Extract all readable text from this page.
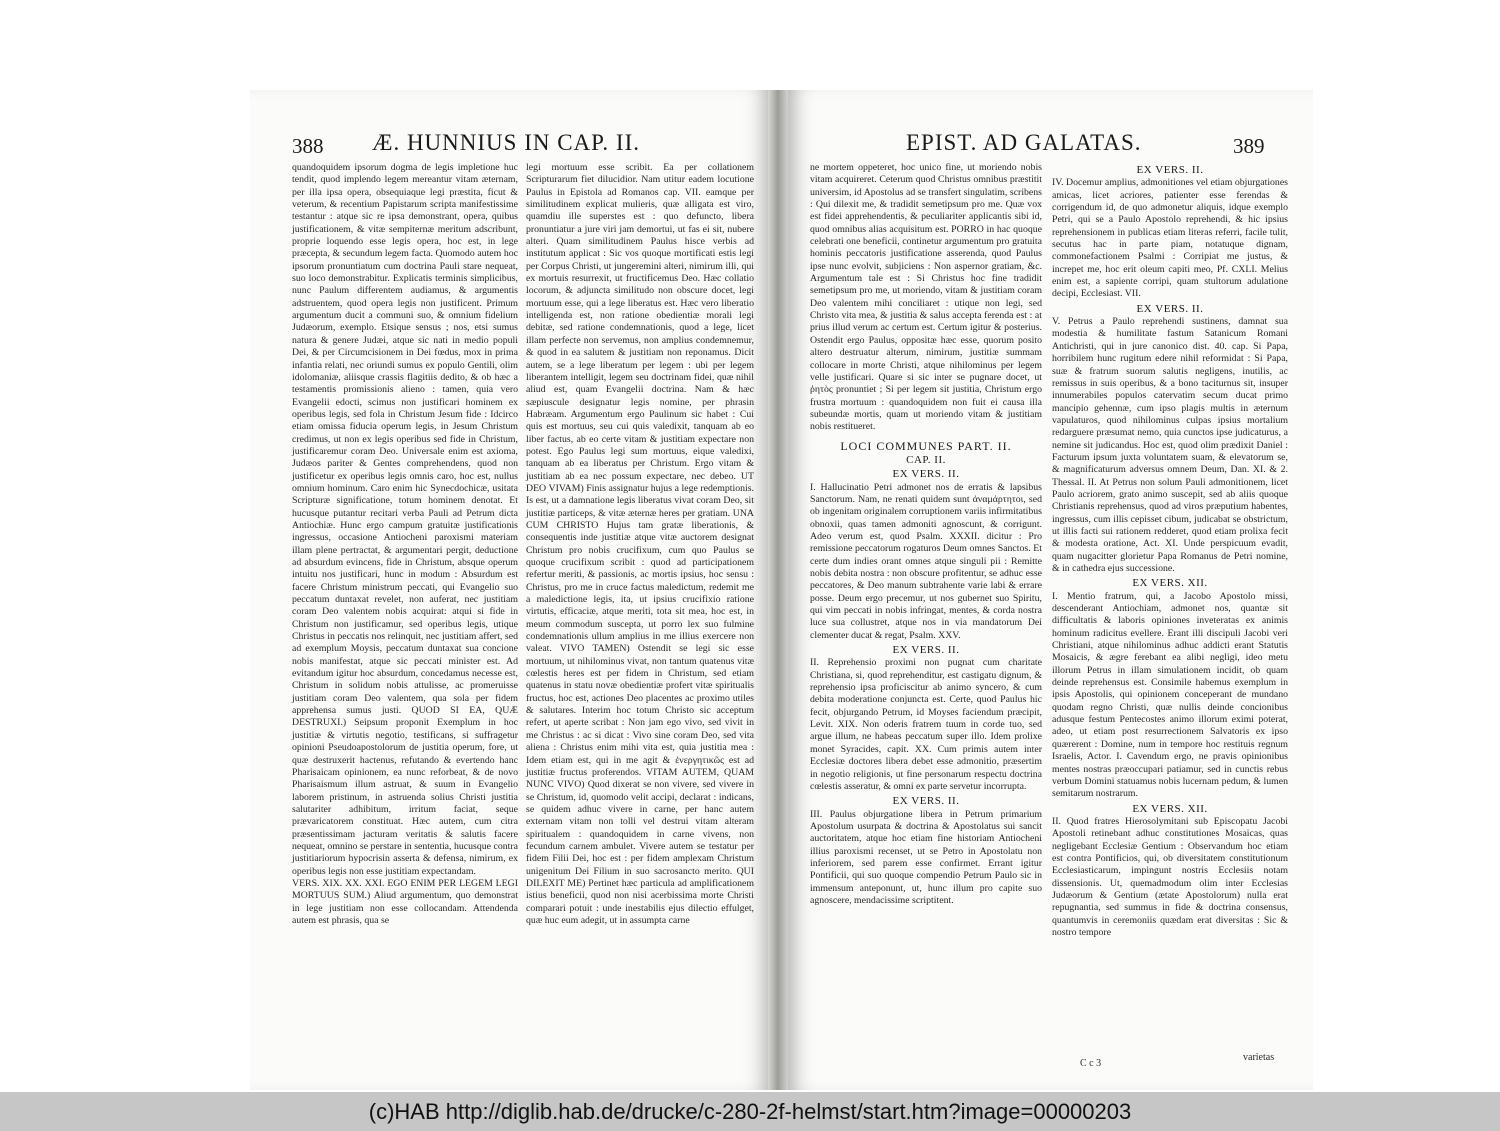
388 Æ. HUNNIUS IN CAP. II.

quandoquidem ipsorum dogma de legis impletione huc tendit, quod implendo legem mereantur vitam æternam, per illa ipsa opera, obsequiaque legi præstita, ficut & veterum, & recentium Papistarum scripta manifestissime testantur : atque sic re ipsa demonstrant, opera, quibus justificationem, & vitæ sempiternæ meritum adscribunt, proprie loquendo esse legis opera, hoc est, in lege præcepta, & secundum legem facta. Quomodo autem hoc ipsorum pronuntiatum cum doctrina Pauli stare nequeat, suo loco demonstrabitur. Explicatis terminis simplicibus, nunc Paulum differentem audiamus, & argumentis adstruentem, quod opera legis non justificent. Primum argumentum ducit a communi suo, & omnium fidelium Judæorum, exemplo. Etsique sensus ; nos, etsi sumus natura & genere Judæi, atque sic nati in medio populi Dei, & per Circumcisionem in Dei fœdus, mox in prima infantia relati, nec oriundi sumus ex populo Gentili, olim idolomaniæ, aliisque crassis flagitiis dedito, & ob hæc a testamentis promissionis alieno : tamen, quia vero Evangelii edocti, scimus non justificari hominem ex operibus legis, sed fola in Christum Jesum fide : Idcirco etiam omissa fiducia operum legis, in Jesum Christum credimus, ut non ex legis operibus sed fide in Christum, justificaremur coram Deo. Universale enim est axioma, Judæos pariter & Gentes comprehendens, quod non justificetur ex operibus legis omnis caro, hoc est, nullus omnium hominum. Caro enim hic Synecdochicæ, usitata Scripturæ significatione, totum hominem denotat. Et hucusque putantur recitari verba Pauli ad Petrum dicta Antiochiæ. Hunc ergo campum gratuitæ justificationis ingressus, occasione Antiocheni paroxismi materiam illam plene pertractat, & argumentari pergit, deductione ad absurdum evincens, fide in Christum, absque operum intuitu nos justificari, hunc in modum : Absurdum est facere Christum ministrum peccati, qui Evangelio suo peccatum duntaxat revelet, non auferat, nec justitiam coram Deo valentem nobis acquirat: atqui si fide in Christum non justificamur, sed operibus legis, utique Christus in peccatis nos relinquit, nec justitiam affert, sed ad exemplum Moysis, peccatum duntaxat sua concione nobis manifestat, atque sic peccati minister est. Ad evitandum igitur hoc absurdum, concedamus necesse est, Christum in solidum nobis attulisse, ac promeruisse justitiam coram Deo valentem, qua sola per fidem apprehensa sumus justi. QUOD SI EA, QUÆ DESTRUXI.) Seipsum proponit Exemplum in hoc justitiæ & virtutis negotio, testificans, si suffragetur opinioni Pseudoapostolorum de justitia operum, fore, ut quæ destruxerit hactenus, refutando & evertendo hanc Pharisaicam opinionem, ea nunc reforbeat, & de novo Pharisaismum illum astruat, & suum in Evangelio laborem pristinum, in astruenda solius Christi justitia salutariter adhibitum, irritum faciat, seque prævaricatorem constituat. Hæc autem, cum citra præsentissimam jacturam veritatis & salutis facere nequeat, omnino se perstare in sententia, hucusque contra justitiariorum hypocrisin asserta & defensa, nimirum, ex operibus legis non esse justitiam expectandam.

VERS. XIX. XX. XXI. EGO ENIM PER LEGEM LEGI MORTUUS SUM.) Aliud argumentum, quo demonstrat in lege justitiam non esse collocandam. Attendenda autem est phrasis, qua se

legi mortuum esse scribit. Ea per collationem Scripturarum fiet dilucidior. Nam utitur eadem locutione Paulus in Epistola ad Romanos cap. VII. eamque per similitudinem explicat mulieris, quæ alligata est viro, quamdiu ille superstes est : quo defuncto, libera pronuntiatur a jure viri jam demortui, ut fas ei sit, nubere alteri. Quam similitudinem Paulus hisce verbis ad institutum applicat : Sic vos quoque mortificati estis legi per Corpus Christi, ut jungeremini alteri, nimirum illi, qui ex mortuis resurrexit, ut fructificemus Deo. Hæc collatio locorum, & adjuncta similitudo non obscure docet, legi mortuum esse, qui a lege liberatus est. Hæc vero liberatio intelligenda est, non ratione obedientiæ morali legi debitæ, sed ratione condemnationis, quod a lege, licet illam perfecte non servemus, non amplius condemnemur, & quod in ea salutem & justitiam non reponamus. Dicit autem, se a lege liberatum per legem : ubi per legem liberantem intelligit, legem seu doctrinam fidei, quæ nihil aliud est, quam Evangelii doctrina. Nam & hæc sæpiuscule designatur legis nomine, per phrasin Habræam. Argumentum ergo Paulinum sic habet : Cui quis est mortuus, seu cui quis valedixit, tanquam ab eo liber factus, ab eo certe vitam & justitiam expectare non potest. Ego Paulus legi sum mortuus, eique valedixi, tanquam ab ea liberatus per Christum. Ergo vitam & justitiam ab ea nec possum expectare, nec debeo. UT DEO VIVAM) Finis assignatur hujus a lege redemptionis. Is est, ut a damnatione legis liberatus vivat coram Deo, sit justitiæ particeps, & vitæ æternæ heres per gratiam. UNA CUM CHRISTO Hujus tam gratæ liberationis, & consequentis inde justitiæ atque vitæ auctorem designat Christum pro nobis crucifixum, cum quo Paulus se quoque crucifixum scribit : quod ad participationem refertur meriti, & passionis, ac mortis ipsius, hoc sensu : Christus, pro me in cruce factus maledictum, redemit me a maledictione legis, ita, ut ipsius crucifixio ratione virtutis, efficaciæ, atque meriti, tota sit mea, hoc est, in meum commodum suscepta, ut porro lex suo fulmine condemnationis ullum amplius in me illius exercere non valeat. VIVO TAMEN) Ostendit se legi sic esse mortuum, ut nihilominus vivat, non tantum quatenus vitæ cœlestis heres est per fidem in Christum, sed etiam quatenus in statu novæ obedientiæ profert vitæ spiritualis fructus, hoc est, actiones Deo placentes ac proximo utiles & salutares. Interim hoc totum Christo sic acceptum refert, ut aperte scribat : Non jam ego vivo, sed vivit in me Christus : ac si dicat : Vivo sine coram Deo, sed vita aliena : Christus enim mihi vita est, quia justitia mea : Idem etiam est, qui in me agit & ἐνεργητικῶς est ad justitiæ fructus proferendos. VITAM AUTEM, QUAM NUNC VIVO) Quod dixerat se non vivere, sed vivere in se Christum, id, quomodo velit accipi, declarat : indicans, se quidem adhuc vivere in carne, per hanc autem externam vitam non tolli vel destrui vitam alteram spiritualem : quandoquidem in carne vivens, non fecundum carnem ambulet. Vivere autem se testatur per fidem Filii Dei, hoc est : per fidem amplexam Christum unigenitum Dei Filium in suo sacrosancto merito. QUI DILEXIT ME) Pertinet hæc particula ad amplificationem istius beneficii, quod non nisi acerbissima morte Christi comparari potuit : unde inestabilis ejus dilectio effulget, quæ huc eum adegit, ut in assumpta carne

EPIST. AD GALATAS.	389

ne mortem oppeteret, hoc unico fine, ut moriendo nobis vitam acquireret. Ceterum quod Christus omnibus præstitit universim, id Apostolus ad se transfert singulatim, scribens : Qui dilexit me, & tradidit semetipsum pro me. Quæ vox est fidei apprehendentis, & peculiariter applicantis sibi id, quod omnibus alias acquisitum est. PORRO in hac quoque celebrati one beneficii, continetur argumentum pro gratuita hominis peccatoris justificatione asserenda, quod Paulus ipse nunc evolvit, subjiciens : Non aspernor gratiam, &c. Argumentum tale est : Si Christus hoc fine tradidit semetipsum pro me, ut moriendo, vitam & justitiam coram Deo valentem mihi conciliaret : utique non legi, sed Christo vita mea, & justitia & salus accepta ferenda est : at prius illud verum ac certum est. Certum igitur & posterius. Ostendit ergo Paulus, oppositæ hæc esse, quorum posito altero destruatur alterum, nimirum, justitiæ summam collocare in morte Christi, atque nihilominus per legem velle justificari. Quare si sic inter se pugnare docet, ut ῥητὸς pronuntiet ; Si per legem sit justitia, Christum ergo frustra mortuum : quandoquidem non fuit ei causa illa subeundæ mortis, quam ut moriendo vitam & justitiam nobis restitueret.

LOCI COMMUNES PART. II.

CAP. II.

EX VERS. II.

I. Hallucinatio Petri admonet nos de erratis & lapsibus Sanctorum. Nam, ne renati quidem sunt ἀναμάρτητοι, sed ob ingenitam originalem corruptionem variis infirmitatibus obnoxii, quas tamen admoniti agnoscunt, & corrigunt. Adeo verum est, quod Psalm. XXXII. dicitur : Pro remissione peccatorum rogaturos Deum omnes Sanctos. Et certe dum indies orant omnes atque singuli pii : Remitte nobis debita nostra : non obscure profitentur, se adhuc esse peccatores, & Deo manum subtrahente varie labi & errare posse. Deum ergo precemur, ut nos gubernet suo Spiritu, qui vim peccati in nobis infringat, mentes, & corda nostra luce sua collustret, atque nos in via mandatorum Dei clementer ducat & regat, Psalm. XXV.

EX VERS. II.

II. Reprehensio proximi non pugnat cum charitate Christiana, si, quod reprehenditur, est castigatu dignum, & reprehensio ipsa proficiscitur ab animo syncero, & cum debita moderatione conjuncta est. Certe, quod Paulus hic fecit, objurgando Petrum, id Moyses faciendum præcipit, Levit. XIX. Non oderis fratrem tuum in corde tuo, sed argue illum, ne habeas peccatum super illo. Idem prolixe monet Syracides, capit. XX. Cum primis autem inter Ecclesiæ doctores libera debet esse admonitio, præsertim in negotio religionis, ut fine personarum respectu doctrina cœlestis asseratur, & omni ex parte servetur incorrupta.

EX VERS. II.

III. Paulus objurgatione libera in Petrum primarium Apostolum usurpata & doctrina & Apostolatus sui sancit auctoritatem, atque hoc etiam fine historiam Antiocheni illius paroxismi recenset, ut se Petro in Apostolatu non inferiorem, sed parem esse confirmet. Errant igitur Pontificii, qui suo quoque compendio Petrum Paulo sic in immensum anteponunt, ut, hunc illum pro capite suo agnoscere, mendacissime scriptitent.

EX VERS. II.

IV. Docemur amplius, admonitiones vel etiam objurgationes amicas, licet acriores, patienter esse ferendas & corrigendum id, de quo admonetur aliquis, idque exemplo Petri, qui se a Paulo Apostolo reprehendi, & hic ipsius reprehensionem in publicas etiam literas referri, facile tulit, secutus hac in parte piam, notatuque dignam, commonefactionem Psalmi : Corripiat me justus, & increpet me, hoc erit oleum capiti meo, Pf. CXLI. Melius enim est, a sapiente corripi, quam stultorum adulatione decipi, Ecclesiast. VII.

EX VERS. II.

V. Petrus a Paulo reprehendi sustinens, damnat sua modestia & humilitate fastum Satanicum Romani Antichristi, qui in jure canonico dist. 40. cap. Si Papa, horribilem hunc rugitum edere nihil reformidat : Si Papa, suæ & fratrum suorum salutis negligens, inutilis, ac remissus in suis operibus, & a bono taciturnus sit, insuper innumerabiles populos catervatim secum ducat primo mancipio gehennæ, cum ipso plagis multis in æternum vapulaturos, quod nihilominus culpas ipsius mortalium redarguere præsumat nemo, quia cunctos ipse judicaturus, a nemine sit judicandus. Hoc est, quod olim prædixit Daniel : Facturum ipsum juxta voluntatem suam, & elevatorum se, & magnificaturum adversus omnem Deum, Dan. XI. & 2. Thessal. II. At Petrus non solum Pauli admonitionem, licet Paulo acriorem, grato animo suscepit, sed ab aliis quoque Christianis reprehensus, quod ad viros præputium habentes, ingressus, cum illis cepisset cibum, judicabat se obstrictum, ut illis facti sui rationem redderet, quod etiam prolixa fecit & modesta oratione, Act. XI. Unde perspicuum evadit, quam nugacitter glorietur Papa Romanus de Petri nomine, & in cathedra ejus successione.

EX VERS. XII.

I. Mentio fratrum, qui, a Jacobo Apostolo missi, descenderant Antiochiam, admonet nos, quantæ sit difficultatis & laboris opiniones inveteratas ex animis hominum radicitus evellere. Erant illi discipuli Jacobi veri Christiani, atque nihilominus adhuc addicti erant Statutis Mosaicis, & ægre ferebant ea alibi negligi, ideo metu illorum Petrus in illam simulationem incidit, ob quam deinde reprehensus est. Consimile habemus exemplum in ipsis Apostolis, qui opinionem conceperant de mundano quodam regno Christi, quæ nullis deinde concionibus adusque festum Pentecostes animo illorum eximi poterat, adeo, ut etiam post resurrectionem Salvatoris ex ipso quærerent : Domine, num in tempore hoc restituis regnum Israelis, Actor. I. Cavendum ergo, ne pravis opinionibus mentes nostras præoccupari patiamur, sed in cunctis rebus verbum Domini statuamus nobis lucernam pedum, & lumen semitarum nostrarum.

EX VERS. XII.

II. Quod fratres Hierosolymitani sub Episcopatu Jacobi Apostoli retinebant adhuc constitutiones Mosaicas, quas negligebant Ecclesiæ Gentium : Observandum hoc etiam est contra Pontificios, qui, ob diversitatem constitutionum Ecclesiasticarum, impingunt nostris Ecclesiis notam dissensionis. Ut, quemadmodum olim inter Ecclesias Judæorum & Gentium (ætate Apostolorum) nulla erat repugnantia, sed summus in fide & doctrina consensus, quantumvis in ceremoniis quædam erat diversitas : Sic & nostro tempore

C c 3
varietas
(c)HAB http://diglib.hab.de/drucke/c-280-2f-helmst/start.htm?image=00000203
